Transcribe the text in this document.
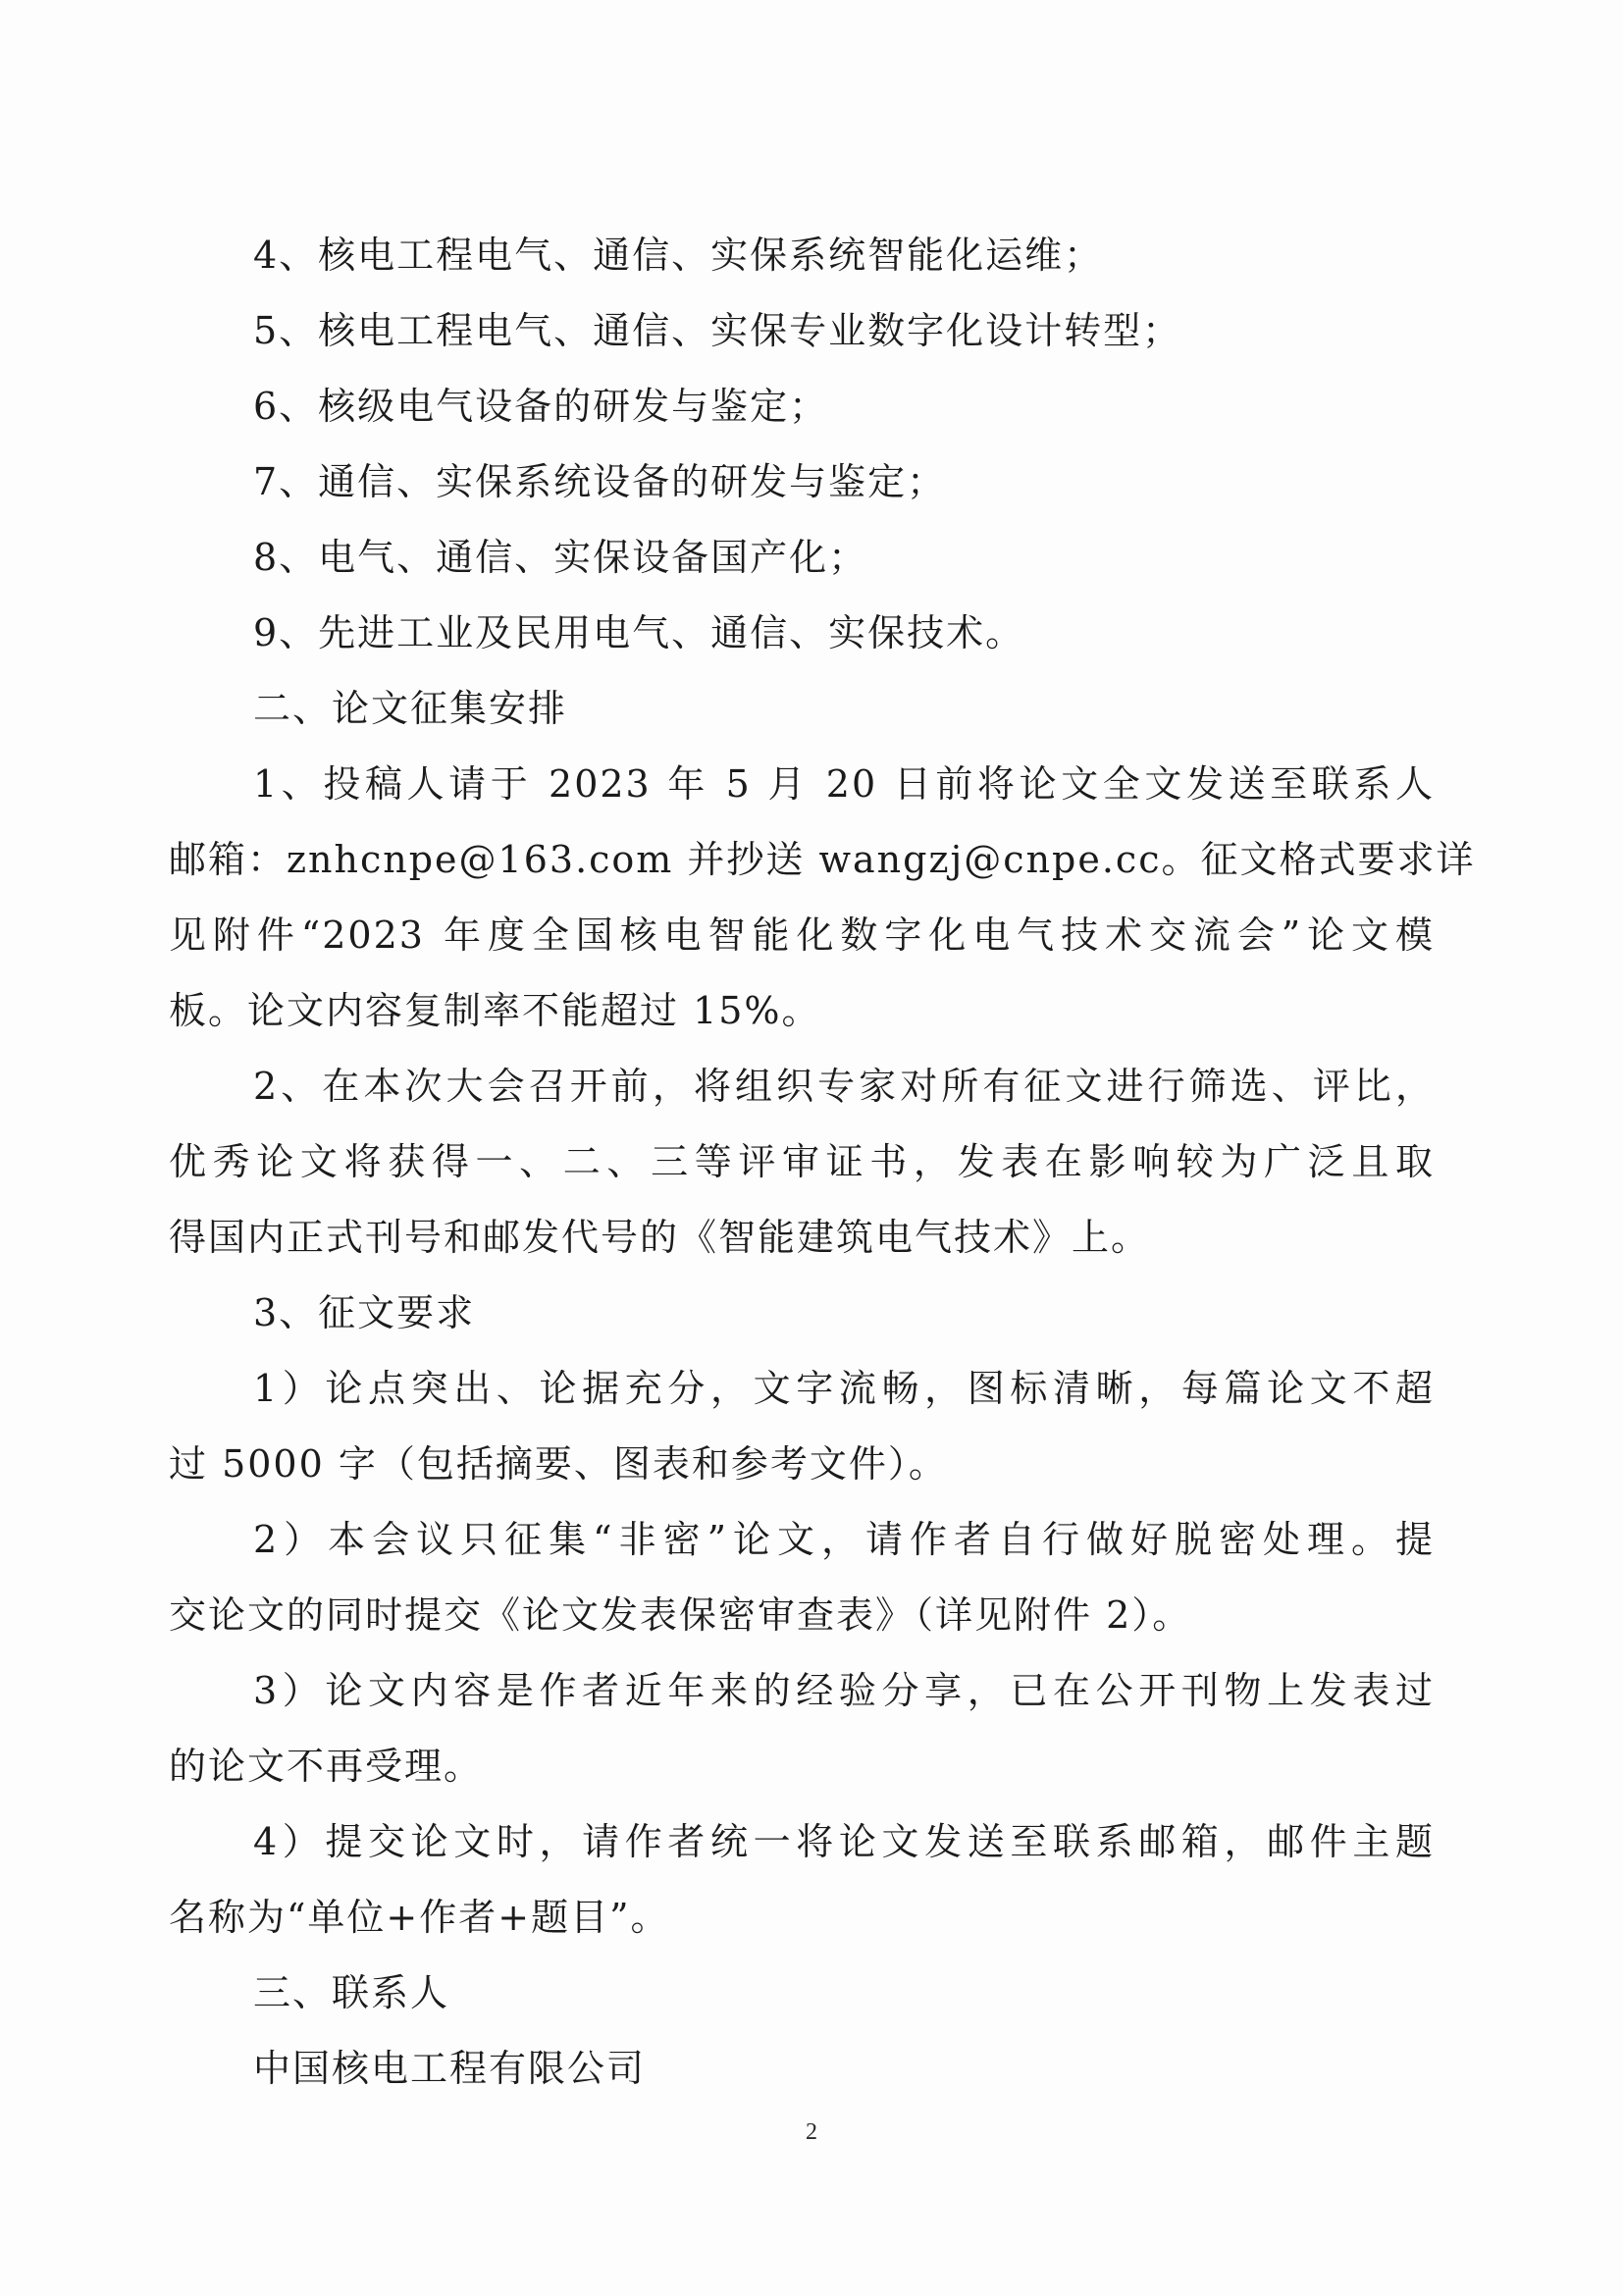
4、核电工程电气、通信、实保系统智能化运维；
5、核电工程电气、通信、实保专业数字化设计转型；
6、核级电气设备的研发与鉴定；
7、通信、实保系统设备的研发与鉴定；
8、电气、通信、实保设备国产化；
9、先进工业及民用电气、通信、实保技术。
二、论文征集安排
1、投稿人请于 2023 年 5 月 20 日前将论文全文发送至联系人
邮箱：znhcnpe@163.com 并抄送 wangzj@cnpe.cc。征文格式要求详
见附件“2023 年度全国核电智能化数字化电气技术交流会”论文模
板。论文内容复制率不能超过 15%。
2、在本次大会召开前，将组织专家对所有征文进行筛选、评比，
优秀论文将获得一、二、三等评审证书，发表在影响较为广泛且取
得国内正式刊号和邮发代号的《智能建筑电气技术》上。
3、征文要求
1）论点突出、论据充分，文字流畅，图标清晰，每篇论文不超
过 5000 字（包括摘要、图表和参考文件）。
2）本会议只征集“非密”论文，请作者自行做好脱密处理。提
交论文的同时提交《论文发表保密审查表》（详见附件 2）。
3）论文内容是作者近年来的经验分享，已在公开刊物上发表过
的论文不再受理。
4）提交论文时，请作者统一将论文发送至联系邮箱，邮件主题
名称为“单位+作者+题目”。
三、联系人
中国核电工程有限公司
2
